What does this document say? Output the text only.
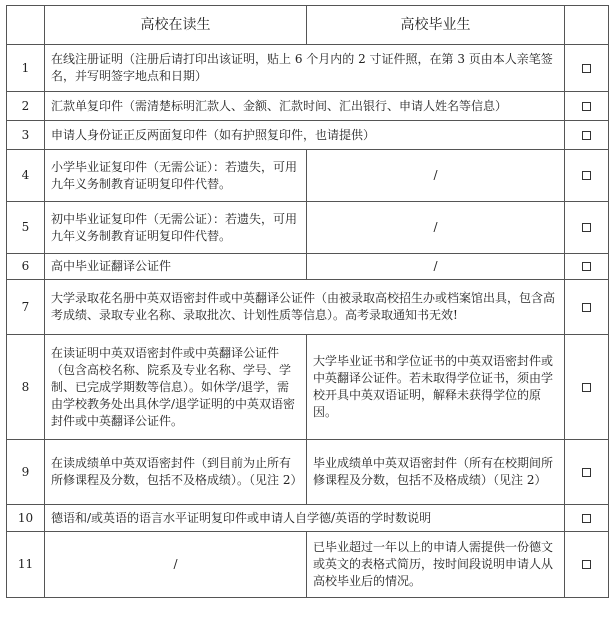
	高校在读生	高校毕业生	
1	在线注册证明（注册后请打印出该证明，贴上 6 个月内的 2 寸证件照，在第 3 页由本人亲笔签名，并写明签字地点和日期）		
2	汇款单复印件（需清楚标明汇款人、金额、汇款时间、汇出银行、申请人姓名等信息）		
3	申请人身份证正反两面复印件（如有护照复印件，也请提供）		
4	小学毕业证复印件（无需公证）：若遗失，可用九年义务制教育证明复印件代替。	/	
5	初中毕业证复印件（无需公证）：若遗失，可用九年义务制教育证明复印件代替。	/	
6	高中毕业证翻译公证件	/	
7	大学录取花名册中英双语密封件或中英翻译公证件（由被录取高校招生办或档案馆出具，包含高考成绩、录取专业名称、录取批次、计划性质等信息）。高考录取通知书无效!		
8	在读证明中英双语密封件或中英翻译公证件（包含高校名称、院系及专业名称、学号、学制、已完成学期数等信息）。如休学/退学，需由学校教务处出具休学/退学证明的中英双语密封件或中英翻译公证件。	大学毕业证书和学位证书的中英双语密封件或中英翻译公证件。若未取得学位证书，须由学校开具中英双语证明，解释未获得学位的原因。	
9	在读成绩单中英双语密封件（到目前为止所有所修课程及分数，包括不及格成绩）。（见注 2）	毕业成绩单中英双语密封件（所有在校期间所修课程及分数，包括不及格成绩）（见注 2）	
10	德语和/或英语的语言水平证明复印件或申请人自学德/英语的学时数说明		
11	/	已毕业超过一年以上的申请人需提供一份德文或英文的表格式简历，按时间段说明申请人从高校毕业后的情况。	
